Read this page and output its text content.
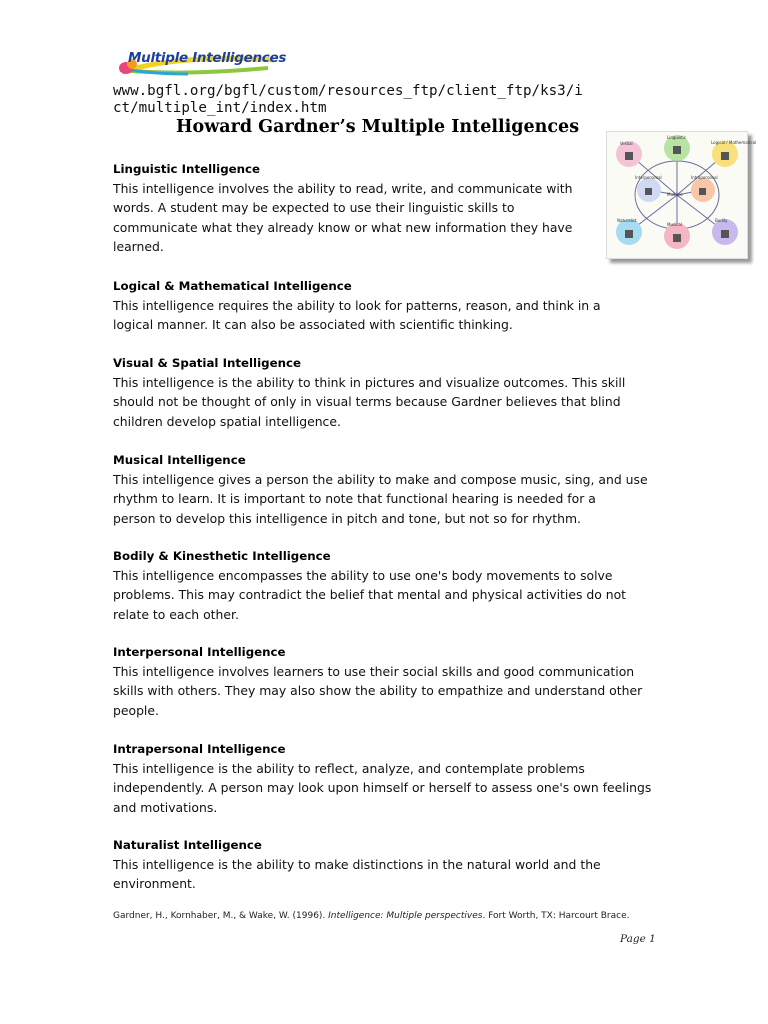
Multiple Intelligences
www.bgfl.org/bgfl/custom/resources_ftp/client_ftp/ks3/ict/multiple_int/index.htm
Howard Gardner’s Multiple Intelligences
Verbal
Linguistic
Logical / Mathematical
Interpersonal
Multiple
Intrapersonal
Naturalist
Musical
Bodily

Linguistic Intelligence

This intelligence involves the ability to read, write, and communicate with
words. A student may be expected to use their linguistic skills to
communicate what they already know or what new information they have
learned.

Logical & Mathematical Intelligence

This intelligence requires the ability to look for patterns, reason, and think in a
logical manner. It can also be associated with scientific thinking.

Visual & Spatial Intelligence

This intelligence is the ability to think in pictures and visualize outcomes. This skill
should not be thought of only in visual terms because Gardner believes that blind
children develop spatial intelligence.

Musical Intelligence

This intelligence gives a person the ability to make and compose music, sing, and use
rhythm to learn. It is important to note that functional hearing is needed for a
person to develop this intelligence in pitch and tone, but not so for rhythm.

Bodily & Kinesthetic Intelligence

This intelligence encompasses the ability to use one's body movements to solve
problems. This may contradict the belief that mental and physical activities do not
relate to each other.

Interpersonal Intelligence

This intelligence involves learners to use their social skills and good communication
skills with others. They may also show the ability to empathize and understand other
people.

Intrapersonal Intelligence

This intelligence is the ability to reflect, analyze, and contemplate problems
independently. A person may look upon himself or herself to assess one's own feelings
and motivations.

Naturalist Intelligence

This intelligence is the ability to make distinctions in the natural world and the
environment.

Gardner, H., Kornhaber, M., & Wake, W. (1996). Intelligence: Multiple perspectives. Fort Worth, TX: Harcourt Brace.
Page 1
